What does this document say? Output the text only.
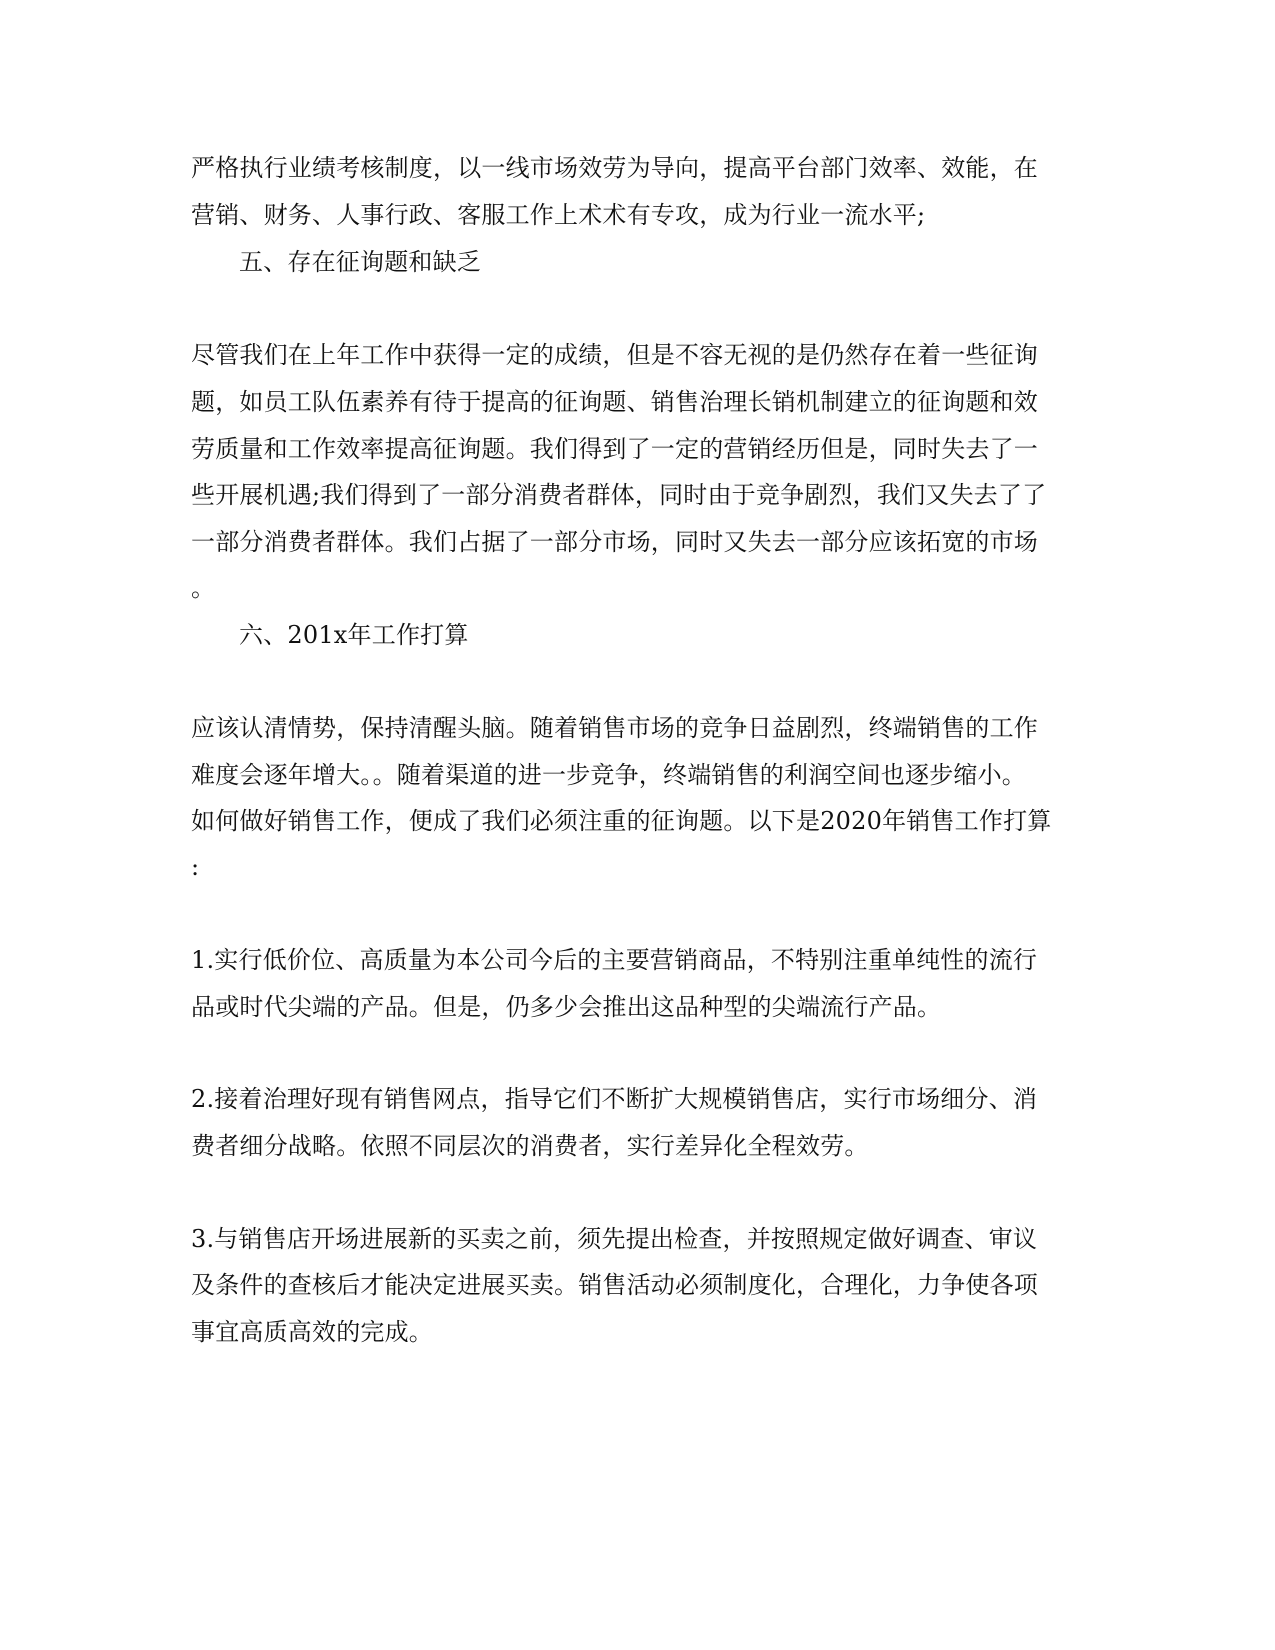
严格执行业绩考核制度，以一线市场效劳为导向，提高平台部门效率、效能，在
营销、财务、人事行政、客服工作上术术有专攻，成为行业一流水平;
五、存在征询题和缺乏
尽管我们在上年工作中获得一定的成绩，但是不容无视的是仍然存在着一些征询
题，如员工队伍素养有待于提高的征询题、销售治理长销机制建立的征询题和效
劳质量和工作效率提高征询题。我们得到了一定的营销经历但是，同时失去了一
些开展机遇;我们得到了一部分消费者群体，同时由于竞争剧烈，我们又失去了了
一部分消费者群体。我们占据了一部分市场，同时又失去一部分应该拓宽的市场
。
六、201x年工作打算
应该认清情势，保持清醒头脑。随着销售市场的竞争日益剧烈，终端销售的工作
难度会逐年增大。。随着渠道的进一步竞争，终端销售的利润空间也逐步缩小。
如何做好销售工作，便成了我们必须注重的征询题。以下是2020年销售工作打算
:
1.实行低价位、高质量为本公司今后的主要营销商品，不特别注重单纯性的流行
品或时代尖端的产品。但是，仍多少会推出这品种型的尖端流行产品。
2.接着治理好现有销售网点，指导它们不断扩大规模销售店，实行市场细分、消
费者细分战略。依照不同层次的消费者，实行差异化全程效劳。
3.与销售店开场进展新的买卖之前，须先提出检查，并按照规定做好调查、审议
及条件的查核后才能决定进展买卖。销售活动必须制度化，合理化，力争使各项
事宜高质高效的完成。
